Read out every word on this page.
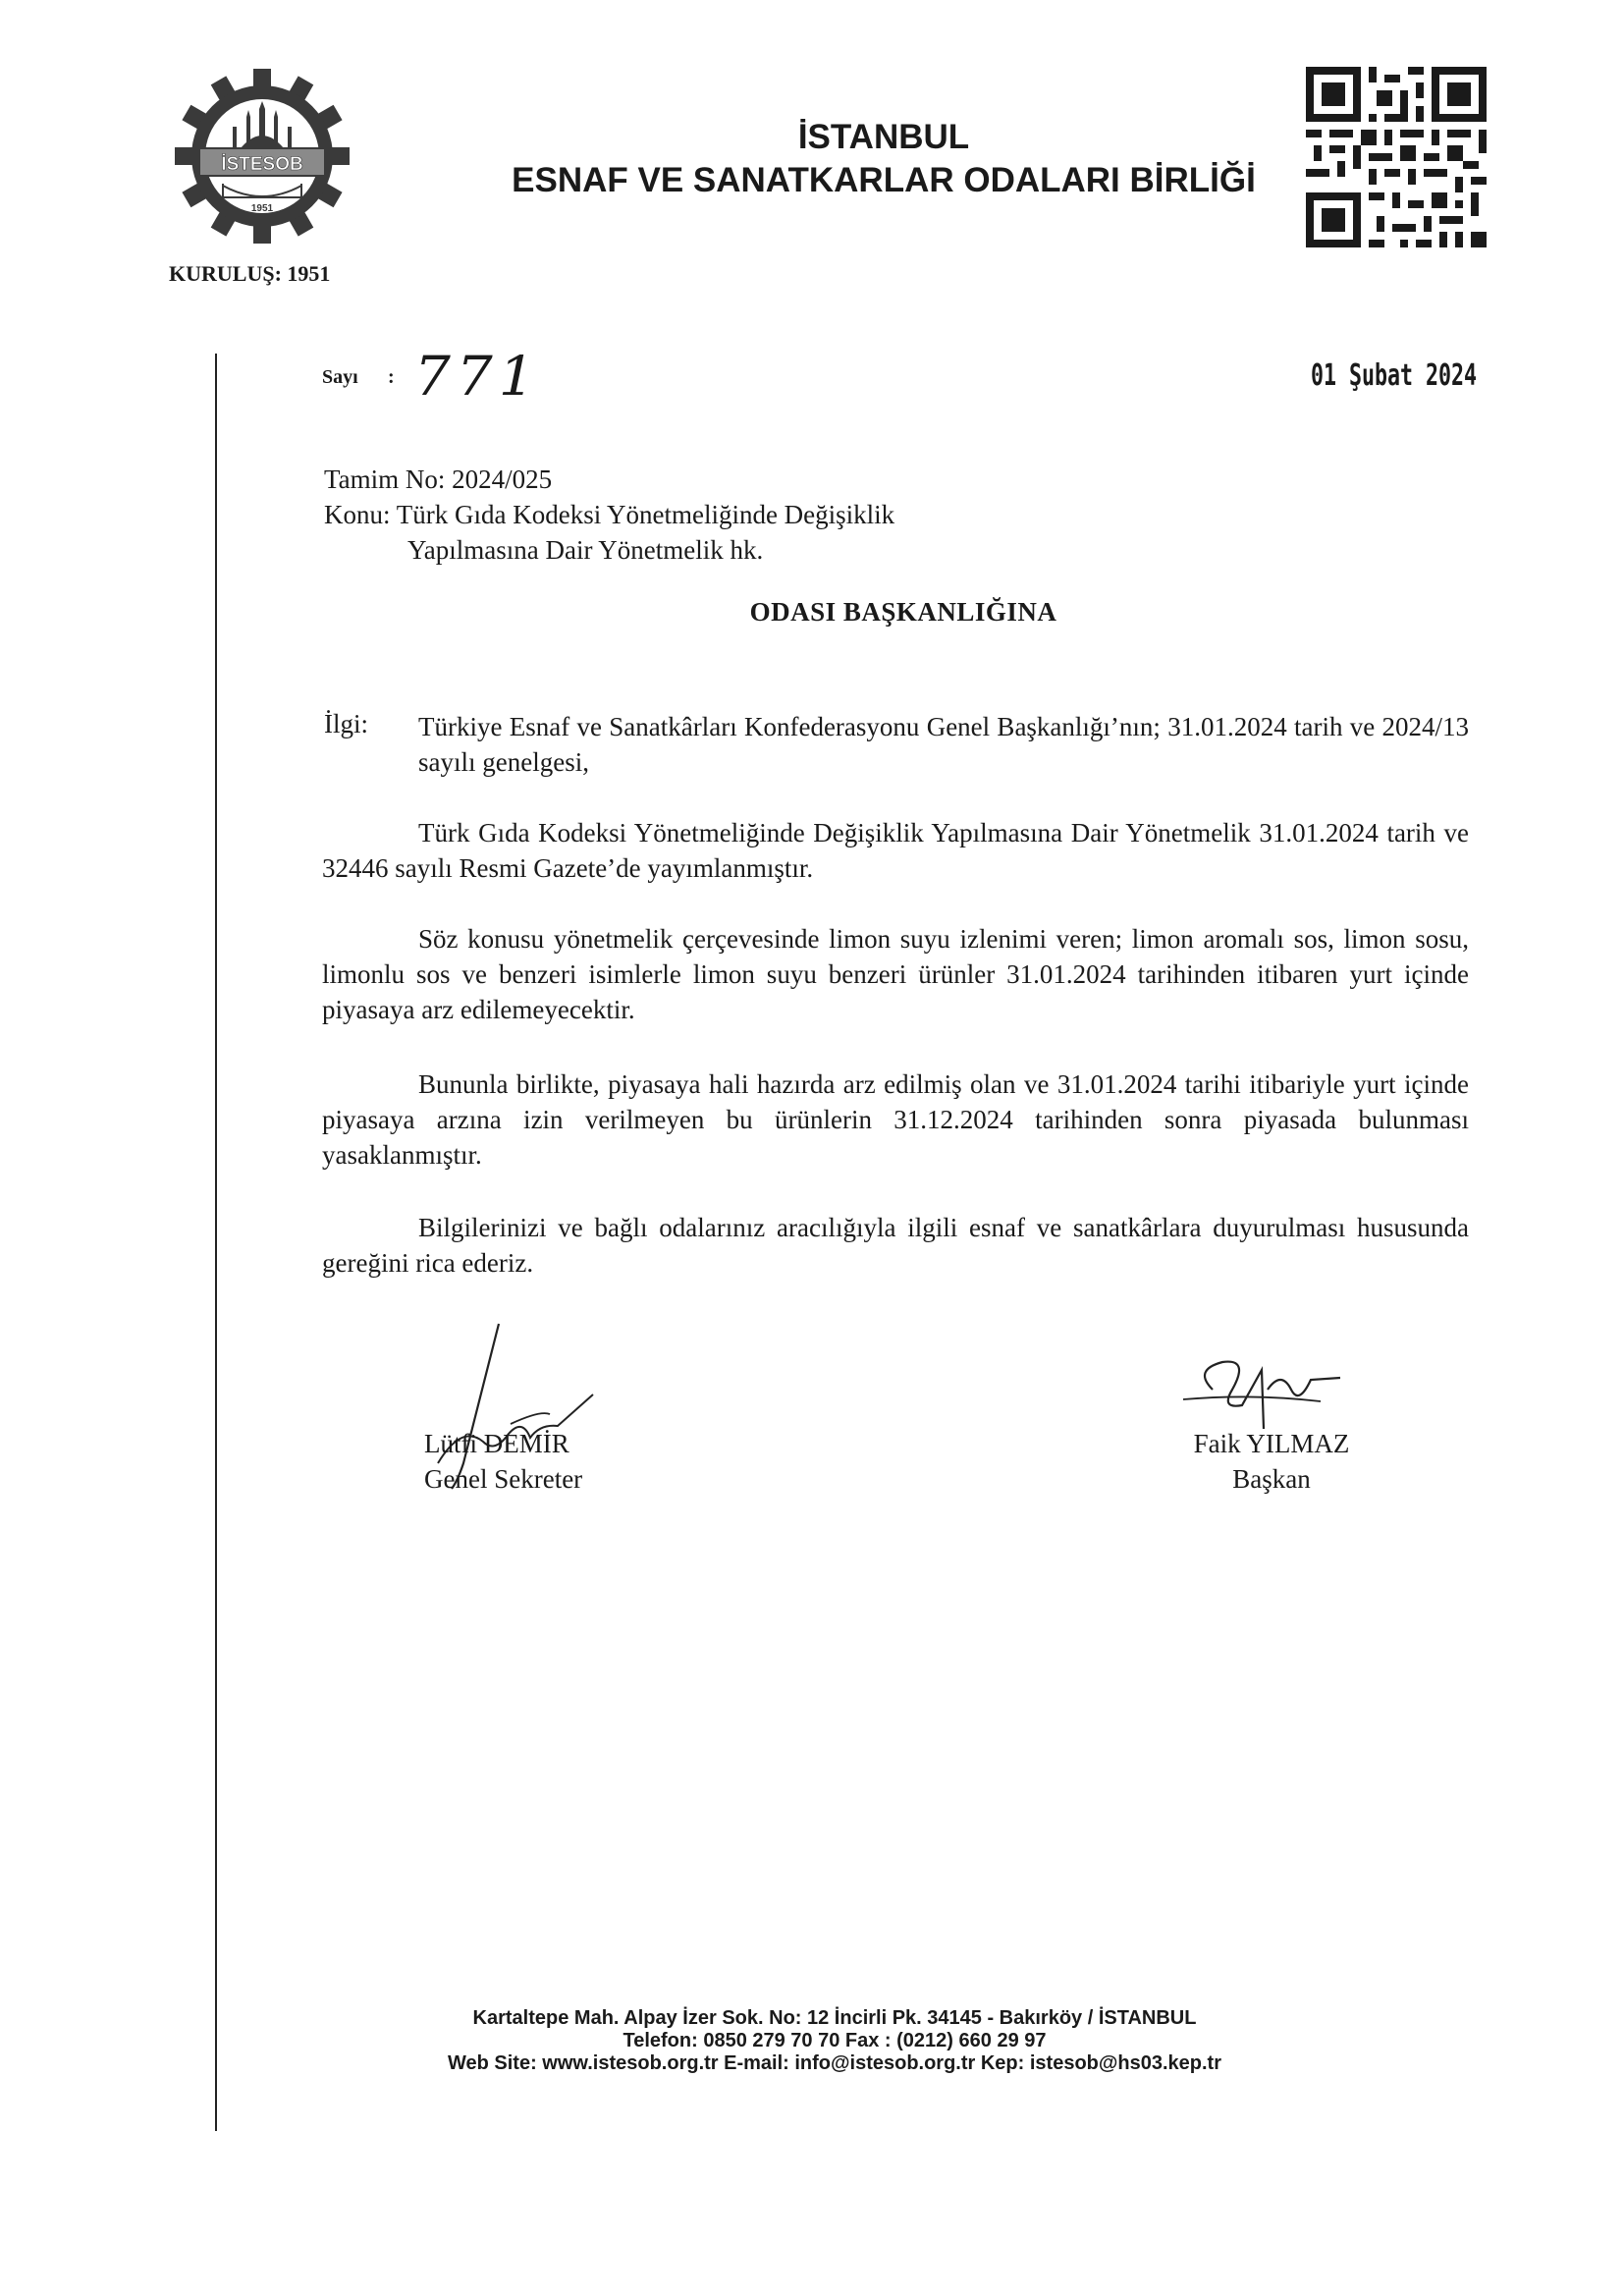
İSTESOB
1951
İSTANBUL
ESNAF VE SANATKARLAR ODALARI BİRLİĞİ
KURULUŞ: 1951
Sayı : 771	01 Şubat 2024
Tamim No: 2024/025
Konu: Türk Gıda Kodeksi Yönetmeliğinde Değişiklik
Yapılmasına Dair Yönetmelik hk.
ODASI BAŞKANLIĞINA
İlgi: Türkiye Esnaf ve Sanatkârları Konfederasyonu Genel Başkanlığı’nın; 31.01.2024 tarih ve 2024/13 sayılı genelgesi,
Türk Gıda Kodeksi Yönetmeliğinde Değişiklik Yapılmasına Dair Yönetmelik 31.01.2024 tarih ve 32446 sayılı Resmi Gazete’de yayımlanmıştır.
Söz konusu yönetmelik çerçevesinde limon suyu izlenimi veren; limon aromalı sos, limon sosu, limonlu sos ve benzeri isimlerle limon suyu benzeri ürünler 31.01.2024 tarihinden itibaren yurt içinde piyasaya arz edilemeyecektir.
Bununla birlikte, piyasaya hali hazırda arz edilmiş olan ve 31.01.2024 tarihi itibariyle yurt içinde piyasaya arzına izin verilmeyen bu ürünlerin 31.12.2024 tarihinden sonra piyasada bulunması yasaklanmıştır.
Bilgilerinizi ve bağlı odalarınız aracılığıyla ilgili esnaf ve sanatkârlara duyurulması hususunda gereğini rica ederiz.
Lütfi DEMİR
Genel Sekreter
Faik YILMAZ
Başkan
Kartaltepe Mah. Alpay İzer Sok. No: 12 İncirli Pk. 34145 - Bakırköy / İSTANBUL
Telefon: 0850 279 70 70 Fax : (0212) 660 29 97
Web Site: www.istesob.org.tr E-mail: info@istesob.org.tr Kep: istesob@hs03.kep.tr
